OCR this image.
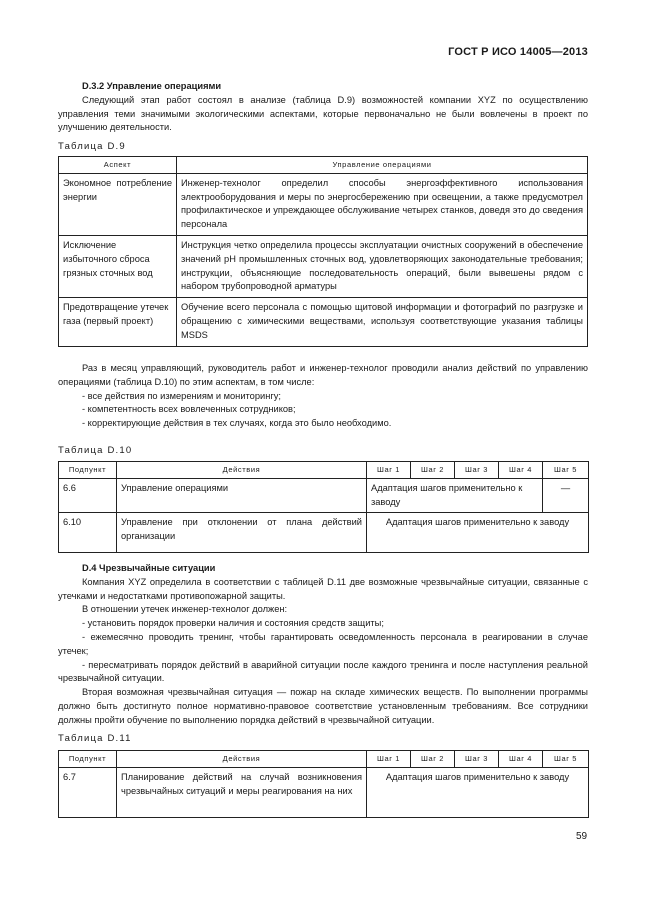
ГОСТ Р ИСО 14005—2013
D.3.2 Управление операциями
Следующий этап работ состоял в анализе (таблица D.9) возможностей компании XYZ по осуществлению управления теми значимыми экологическими аспектами, которые первоначально не были вовлечены в проект по улучшению деятельности.
Таблица D.9
Аспект	Управление операциями
Экономное потребление энергии	Инженер-технолог определил способы энергоэффективного использования электрооборудования и меры по энергосбережению при освещении, а также предусмотрел профилактическое и упреждающее обслуживание четырех станков, доведя это до сведения персонала
Исключение избыточного сброса грязных сточных вод	Инструкция четко определила процессы эксплуатации очистных сооружений в обеспечение значений pH промышленных сточных вод, удовлетворяющих законодательные требования; инструкции, объясняющие последовательность операций, были вывешены рядом с набором трубопроводной арматуры
Предотвращение утечек газа (первый проект)	Обучение всего персонала с помощью щитовой информации и фотографий по разгрузке и обращению с химическими веществами, используя соответствующие указания таблицы MSDS
Раз в месяц управляющий, руководитель работ и инженер-технолог проводили анализ действий по управлению операциями (таблица D.10) по этим аспектам, в том числе:
- все действия по измерениям и мониторингу;
- компетентность всех вовлеченных сотрудников;
- корректирующие действия в тех случаях, когда это было необходимо.
Таблица D.10
Подпункт	Действия	Шаг 1	Шаг 2	Шаг 3	Шаг 4	Шаг 5
6.6	Управление операциями	Адаптация шагов применительно к заводу				—
6.10	Управление при отклонении от плана действий организации	Адаптация шагов применительно к заводу				
D.4 Чрезвычайные ситуации
Компания XYZ определила в соответствии с таблицей D.11 две возможные чрезвычайные ситуации, связанные с утечками и недостатками противопожарной защиты.
В отношении утечек инженер-технолог должен:
- установить порядок проверки наличия и состояния средств защиты;
- ежемесячно проводить тренинг, чтобы гарантировать осведомленность персонала в реагировании в случае утечек;
- пересматривать порядок действий в аварийной ситуации после каждого тренинга и после наступления реальной чрезвычайной ситуации.
Вторая возможная чрезвычайная ситуация — пожар на складе химических веществ. По выполнении программы должно быть достигнуто полное нормативно-правовое соответствие установленным требованиям. Все сотрудники должны пройти обучение по выполнению порядка действий в чрезвычайной ситуации.
Таблица D.11
Подпункт	Действия	Шаг 1	Шаг 2	Шаг 3	Шаг 4	Шаг 5
6.7	Планирование действий на случай возникновения чрезвычайных ситуаций и меры реагирования на них	Адаптация шагов применительно к заводу				
59
